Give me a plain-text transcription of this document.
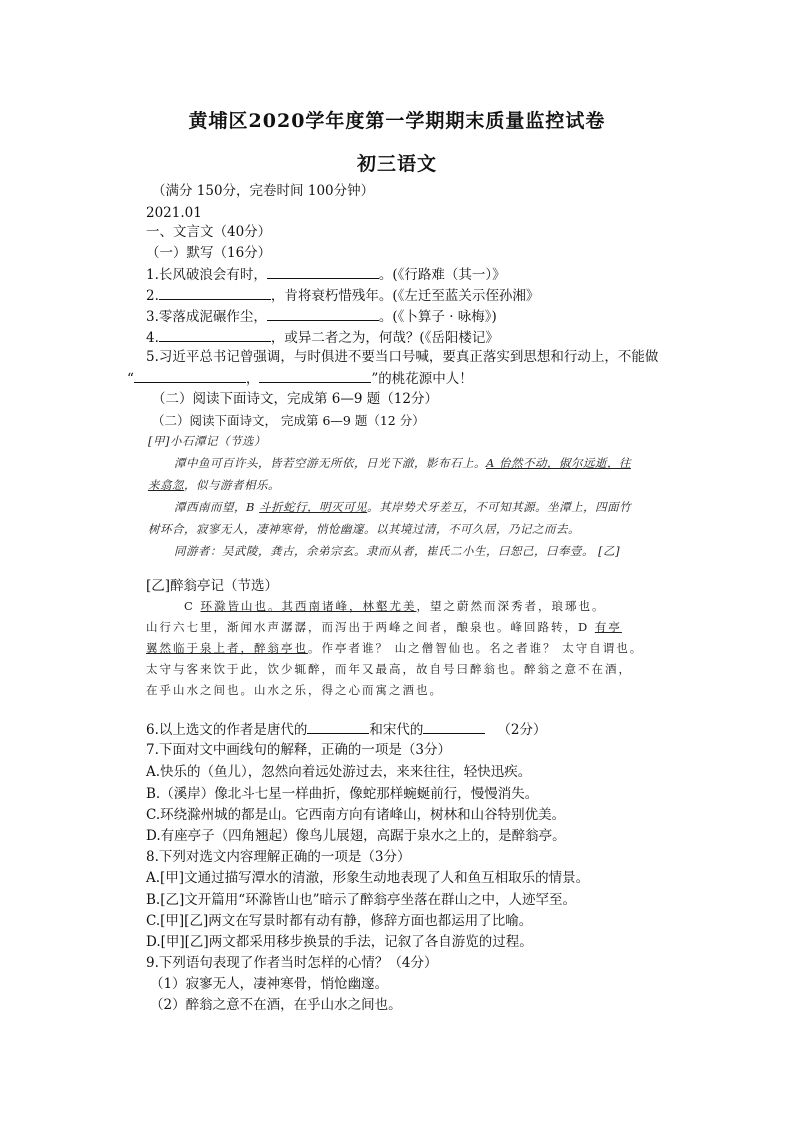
黄埔区2020学年度第一学期期末质量监控试卷
初三语文
（满分 150分，完卷时间 100分钟）
2021.01
一、文言文（40分）
（一）默写（16分）
1.长风破浪会有时，	。(《行路难（其一）》
2.	，肯将衰朽惜残年。(《左迁至蓝关示侄孙湘》
3.零落成泥碾作尘，	。(《卜算子 · 咏梅》)
4.	，或异二者之为，何哉？(《岳阳楼记》
5.习近平总书记曾强调，与时俱进不要当口号喊，要真正落实到思想和行动上，不能做
“	，	”的桃花源中人！
（二）阅读下面诗文，完成第 6—9 题（12分）
（二）阅读下面诗文， 完成第 6—9 题（12 分）
[甲]小石潭记（节选）
潭中鱼可百许头，皆若空游无所依，日光下澈，影布石上。A 佁然不动，俶尔远逝，往
来翕忽，似与游者相乐。
潭西南而望，B 斗折蛇行，明灭可见。其岸势犬牙差互，不可知其源。坐潭上，四面竹
树环合，寂寥无人，凄神寒骨，悄怆幽邃。以其境过清，不可久居，乃记之而去。
同游者：吴武陵，龚古，余弟宗玄。隶而从者，崔氏二小生，曰恕己，曰奉壹。 [乙]
[乙]醉翁亭记（节选）
C 环滁皆山也。其西南诸峰，林壑尤美，望之蔚然而深秀者，琅琊也。
山行六七里，渐闻水声潺潺，而泻出于两峰之间者，酿泉也。峰回路转，D 有亭
翼然临于泉上者，醉翁亭也。作亭者谁？ 山之僧智仙也。名之者谁？ 太守自谓也。
太守与客来饮于此，饮少辄醉，而年又最高，故自号曰醉翁也。醉翁之意不在酒，
在乎山水之间也。山水之乐，得之心而寓之酒也。
6.以上选文的作者是唐代的	和宋代的	（2分）
7.下面对文中画线句的解释，正确的一项是（3分）
A.快乐的（鱼儿），忽然向着远处游过去，来来往往，轻快迅疾。
B.（溪岸）像北斗七星一样曲折，像蛇那样蜿蜒前行，慢慢消失。
C.环绕滁州城的都是山。它西南方向有诸峰山，树林和山谷特别优美。
D.有座亭子（四角翘起）像鸟儿展翅，高踞于泉水之上的，是醉翁亭。
8.下列对选文内容理解正确的一项是（3分）
A.[甲]文通过描写潭水的清澈，形象生动地表现了人和鱼互相取乐的情景。
B.[乙]文开篇用“环滁皆山也”暗示了醉翁亭坐落在群山之中，人迹罕至。
C.[甲][乙]两文在写景时都有动有静，修辞方面也都运用了比喻。
D.[甲][乙]两文都采用移步换景的手法，记叙了各自游览的过程。
9.下列语句表现了作者当时怎样的心情？（4分）
（1）寂寥无人，凄神寒骨，悄怆幽邃。
（2）醉翁之意不在酒，在乎山水之间也。
